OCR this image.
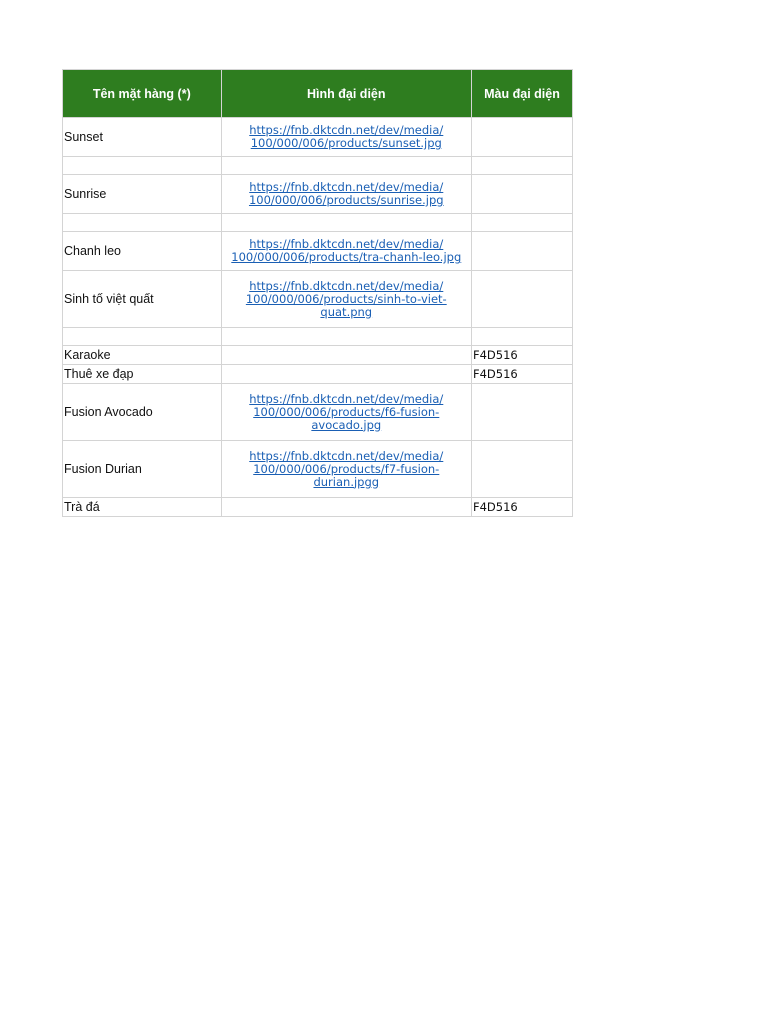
Tên mặt hàng (*)	Hình đại diện	Màu đại diện
Sunset	https://fnb.dktcdn.net/dev/media/
100/000/006/products/sunset.jpg	

Sunrise	https://fnb.dktcdn.net/dev/media/
100/000/006/products/sunrise.jpg	

Chanh leo	https://fnb.dktcdn.net/dev/media/
100/000/006/products/tra-chanh-leo.jpg	
Sinh tố việt quất	https://fnb.dktcdn.net/dev/media/
100/000/006/products/sinh-to-viet-
quat.png	

Karaoke		F4D516
Thuê xe đạp		F4D516
Fusion Avocado	https://fnb.dktcdn.net/dev/media/
100/000/006/products/f6-fusion-
avocado.jpg	
Fusion Durian	https://fnb.dktcdn.net/dev/media/
100/000/006/products/f7-fusion-
durian.jpgg	
Trà đá		F4D516
